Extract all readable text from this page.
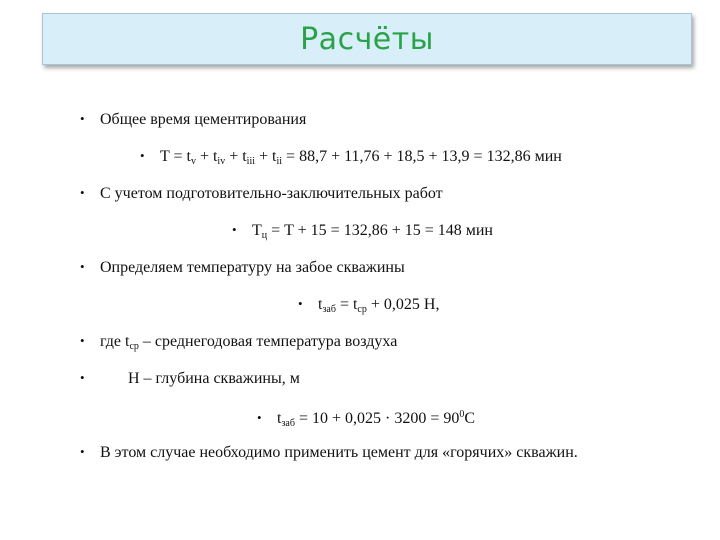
Расчёты
• Общее время цементирования
• $T = t_v + t_{iv} + t_{iii} + t_{ii} = 88,7 + 11,76 + 18,5 + 13,9 = 132,86$ мин
• С учетом подготовительно-заключительных работ
• $T_ц = T + 15 = 132,86 + 15 = 148$ мин
• Определяем температуру на забое скважины
• $t_{заб} = t_{ср} + 0,025$ H,
• где $t_{ср}$ – среднегодовая температура воздуха
•	H – глубина скважины, м
• $t_{заб} = 10 + 0,025 \cdot 3200 = 90^0С$
• В этом случае необходимо применить цемент для «горячих» скважин.
